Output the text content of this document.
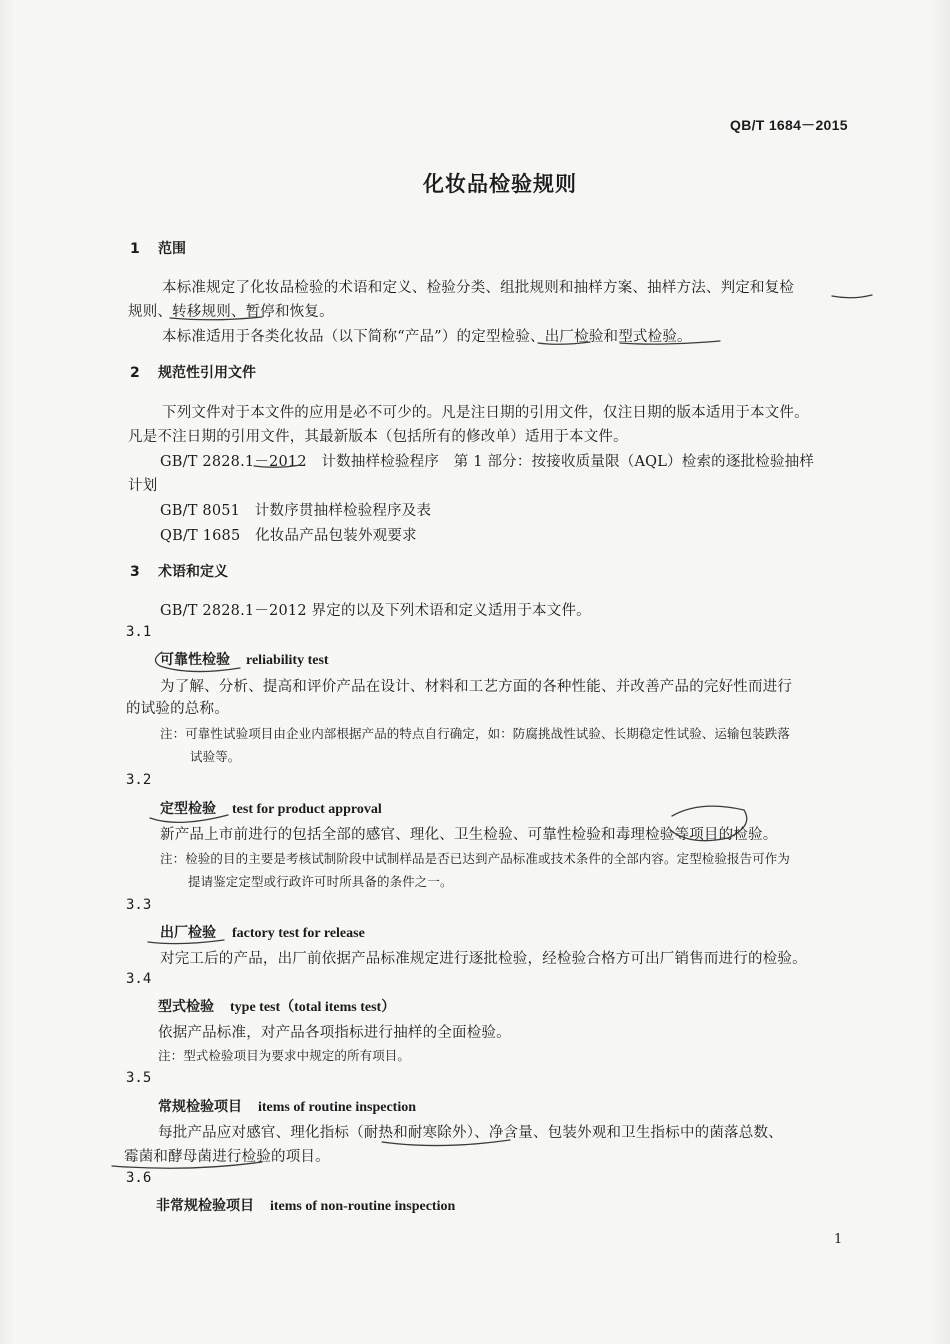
QB/T 1684－2015
化妆品检验规则
1 范围
本标准规定了化妆品检验的术语和定义、检验分类、组批规则和抽样方案、抽样方法、判定和复检
规则、转移规则、暂停和恢复。
本标准适用于各类化妆品（以下简称“产品”）的定型检验、出厂检验和型式检验。
2 规范性引用文件
下列文件对于本文件的应用是必不可少的。凡是注日期的引用文件，仅注日期的版本适用于本文件。
凡是不注日期的引用文件，其最新版本（包括所有的修改单）适用于本文件。
GB/T 2828.1－2012　计数抽样检验程序　第 1 部分：按接收质量限（AQL）检索的逐批检验抽样
计划
GB/T 8051　计数序贯抽样检验程序及表
QB/T 1685　化妆品产品包装外观要求
3 术语和定义
GB/T 2828.1－2012 界定的以及下列术语和定义适用于本文件。
3.1
可靠性检验 reliability test
为了解、分析、提高和评价产品在设计、材料和工艺方面的各种性能、并改善产品的完好性而进行
的试验的总称。
注：可靠性试验项目由企业内部根据产品的特点自行确定，如：防腐挑战性试验、长期稳定性试验、运输包装跌落
试验等。
3.2
定型检验 test for product approval
新产品上市前进行的包括全部的感官、理化、卫生检验、可靠性检验和毒理检验等项目的检验。
注：检验的目的主要是考核试制阶段中试制样品是否已达到产品标准或技术条件的全部内容。定型检验报告可作为
提请鉴定定型或行政许可时所具备的条件之一。
3.3
出厂检验 factory test for release
对完工后的产品，出厂前依据产品标准规定进行逐批检验，经检验合格方可出厂销售而进行的检验。
3.4
型式检验 type test（total items test）
依据产品标准，对产品各项指标进行抽样的全面检验。
注：型式检验项目为要求中规定的所有项目。
3.5
常规检验项目 items of routine inspection
每批产品应对感官、理化指标（耐热和耐寒除外）、净含量、包装外观和卫生指标中的菌落总数、
霉菌和酵母菌进行检验的项目。
3.6
非常规检验项目 items of non-routine inspection
1
